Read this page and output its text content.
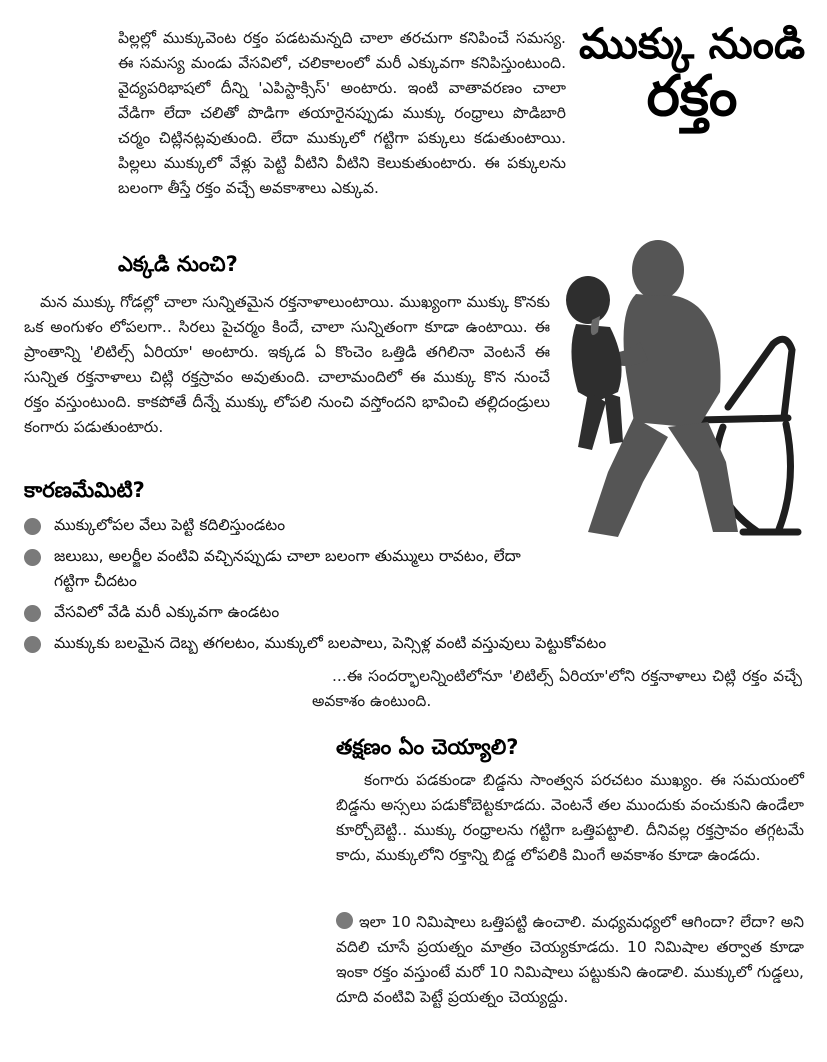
ముక్కు నుండి
రక్తం

పిల్లల్లో ముక్కువెంట రక్తం పడటమన్నది చాలా తరచుగా కనిపించే సమస్య. ఈ సమస్య మండు వేసవిలో, చలికాలంలో మరీ ఎక్కువగా కనిపిస్తుంటుంది. వైద్యపరిభాషలో దీన్ని 'ఎపిస్టాక్సిస్' అంటారు. ఇంటి వాతావరణం చాలా వేడిగా లేదా చలితో పొడిగా తయారైనప్పుడు ముక్కు రంధ్రాలు పొడిబారి చర్మం చిట్లినట్లవుతుంది. లేదా ముక్కులో గట్టిగా పక్కులు కడుతుంటాయి. పిల్లలు ముక్కులో వేళ్లు పెట్టి వీటిని వీటిని కెలుకుతుంటారు. ఈ పక్కులను బలంగా తీస్తే రక్తం వచ్చే అవకాశాలు ఎక్కువ.

ఎక్కడి నుంచి?

మన ముక్కు గోడల్లో చాలా సున్నితమైన రక్తనాళాలుంటాయి. ముఖ్యంగా ముక్కు కొనకు ఒక అంగుళం లోపలగా.. సిరలు పైచర్మం కిందే, చాలా సున్నితంగా కూడా ఉంటాయి. ఈ ప్రాంతాన్ని 'లిటిల్స్ ఏరియా' అంటారు. ఇక్కడ ఏ కొంచెం ఒత్తిడి తగిలినా వెంటనే ఈ సున్నిత రక్తనాళాలు చిట్లి రక్తస్రావం అవుతుంది. చాలామందిలో ఈ ముక్కు కొన నుంచే రక్తం వస్తుంటుంది. కాకపోతే దీన్నే ముక్కు లోపలి నుంచి వస్తోందని భావించి తల్లిదండ్రులు కంగారు పడుతుంటారు.

కారణమేమిటి?
ముక్కులోపల వేలు పెట్టి కదిలిస్తుండటం
జలుబు, అలర్జీల వంటివి వచ్చినప్పుడు చాలా బలంగా తుమ్ములు రావటం, లేదా గట్టిగా చీదటం
వేసవిలో వేడి మరీ ఎక్కువగా ఉండటం
ముక్కుకు బలమైన దెబ్బ తగలటం, ముక్కులో బలపాలు, పెన్సిళ్ల వంటి వస్తువులు పెట్టుకోవటం

...ఈ సందర్భాలన్నింటిలోనూ 'లిటిల్స్ ఏరియా'లోని రక్తనాళాలు చిట్లి రక్తం వచ్చే అవకాశం ఉంటుంది.

తక్షణం ఏం చెయ్యాలి?

కంగారు పడకుండా బిడ్డను సాంత్వన పరచటం ముఖ్యం. ఈ సమయంలో బిడ్డను అస్సలు పడుకోబెట్టకూడదు. వెంటనే తల ముందుకు వంచుకుని ఉండేలా కూర్చోబెట్టి.. ముక్కు రంధ్రాలను గట్టిగా ఒత్తిపట్టాలి. దీనివల్ల రక్తస్రావం తగ్గటమే కాదు, ముక్కులోని రక్తాన్ని బిడ్డ లోపలికి మింగే అవకాశం కూడా ఉండదు.

ఇలా 10 నిమిషాలు ఒత్తిపట్టి ఉంచాలి. మధ్యమధ్యలో ఆగిందా? లేదా? అని వదిలి చూసే ప్రయత్నం మాత్రం చెయ్యకూడదు. 10 నిమిషాల తర్వాత కూడా ఇంకా రక్తం వస్తుంటే మరో 10 నిమిషాలు పట్టుకుని ఉండాలి. ముక్కులో గుడ్డలు, దూది వంటివి పెట్టే ప్రయత్నం చెయ్యద్దు.
